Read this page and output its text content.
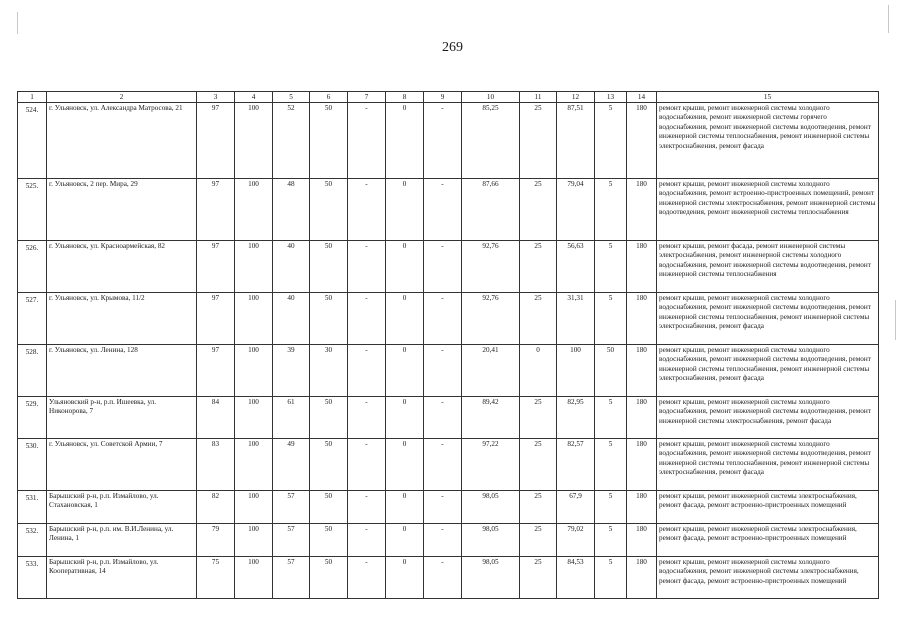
269
1	2	3	4	5	6	7	8	9	10	11	12	13	14	15
524.	г. Ульяновск, ул. Александра Матросова, 21	97	100	52	50	-	0	-	85,25	25	87,51	5	180	ремонт крыши, ремонт инженерной системы холодного водоснабжения, ремонт инженерной системы горячего водоснабжения, ремонт инженерной системы водоотведения, ремонт инженерной системы теплоснабжения, ремонт инженерной системы электроснабжения, ремонт фасада
525.	г. Ульяновск, 2 пер. Мира, 29	97	100	48	50	-	0	-	87,66	25	79,04	5	180	ремонт крыши, ремонт инженерной системы холодного водоснабжения, ремонт встроенно-пристроенных помещений, ремонт инженерной системы электроснабжения, ремонт инженерной системы водоотведения, ремонт инженерной системы теплоснабжения
526.	г. Ульяновск, ул. Красноармейская, 82	97	100	40	50	-	0	-	92,76	25	56,63	5	180	ремонт крыши, ремонт фасада, ремонт инженерной системы электроснабжения, ремонт инженерной системы холодного водоснабжения, ремонт инженерной системы водоотведения, ремонт инженерной системы теплоснабжения
527.	г. Ульяновск, ул. Крымова, 11/2	97	100	40	50	-	0	-	92,76	25	31,31	5	180	ремонт крыши, ремонт инженерной системы холодного водоснабжения, ремонт инженерной системы водоотведения, ремонт инженерной системы теплоснабжения, ремонт инженерной системы электроснабжения, ремонт фасада
528.	г. Ульяновск, ул. Ленина, 128	97	100	39	30	-	0	-	20,41	0	100	50	180	ремонт крыши, ремонт инженерной системы холодного водоснабжения, ремонт инженерной системы водоотведения, ремонт инженерной системы теплоснабжения, ремонт инженерной системы электроснабжения, ремонт фасада
529.	Ульяновский р-н, р.п. Ишеевка, ул. Никонорова, 7	84	100	61	50	-	0	-	89,42	25	82,95	5	180	ремонт крыши, ремонт инженерной системы холодного водоснабжения, ремонт инженерной системы водоотведения, ремонт инженерной системы электроснабжения, ремонт фасада
530.	г. Ульяновск, ул. Советской Армии, 7	83	100	49	50	-	0	-	97,22	25	82,57	5	180	ремонт крыши, ремонт инженерной системы холодного водоснабжения, ремонт инженерной системы водоотведения, ремонт инженерной системы теплоснабжения, ремонт инженерной системы электроснабжения, ремонт фасада
531.	Барышский р-н, р.п. Измайлово, ул. Стахановская, 1	82	100	57	50	-	0	-	98,05	25	67,9	5	180	ремонт крыши, ремонт инженерной системы электроснабжения, ремонт фасада, ремонт встроенно-пристроенных помещений
532.	Барышский р-н, р.п. им. В.И.Ленина, ул. Ленина, 1	79	100	57	50	-	0	-	98,05	25	79,02	5	180	ремонт крыши, ремонт инженерной системы электроснабжения, ремонт фасада, ремонт встроенно-пристроенных помещений
533.	Барышский р-н, р.п. Измайлово, ул. Кооперативная, 14	75	100	57	50	-	0	-	98,05	25	84,53	5	180	ремонт крыши, ремонт инженерной системы холодного водоснабжения, ремонт инженерной системы электроснабжения, ремонт фасада, ремонт встроенно-пристроенных помещений
